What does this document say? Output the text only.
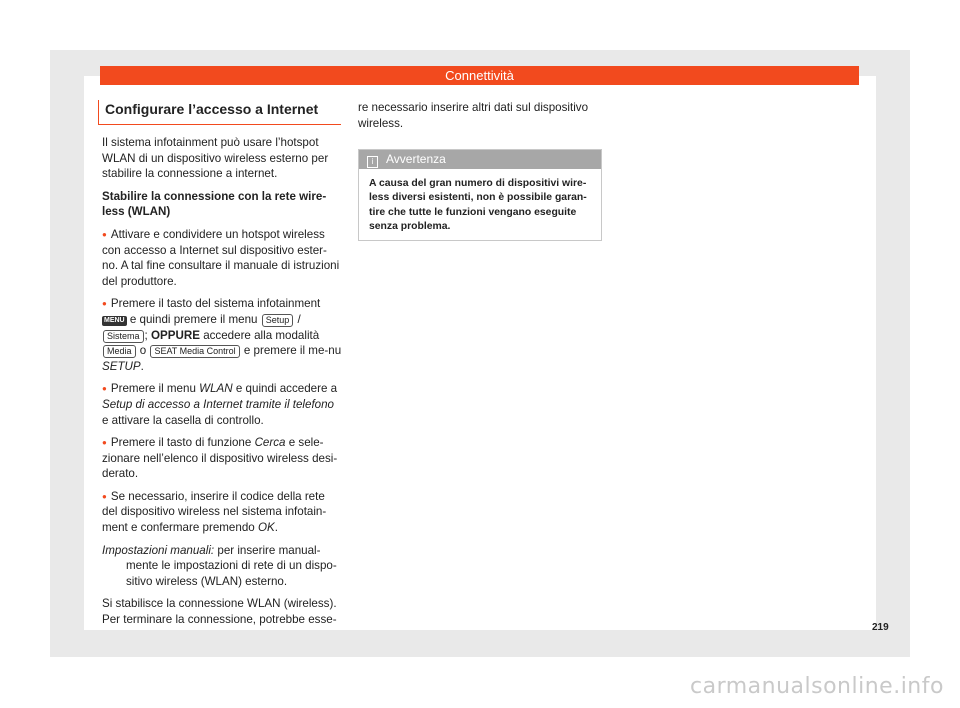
Connettività
Configurare l’accesso a Internet

Il sistema infotainment può usare l’hotspot WLAN di un dispositivo wireless esterno per stabilire la connessione a internet.

Stabilire la connessione con la rete wire-less (WLAN)

● Attivare e condividere un hotspot wireless con accesso a Internet sul dispositivo ester-no. A tal fine consultare il manuale di istruzioni del produttore.

● Premere il tasto del sistema infotainment
MENU e quindi premere il menu Setup /
Sistema ; OPPURE accedere alla modalità
Media o SEAT Media Control e premere il me-nu SETUP.

● Premere il menu WLAN e quindi accedere a Setup di accesso a Internet tramite il telefono e attivare la casella di controllo.

● Premere il tasto di funzione Cerca e sele-zionare nell’elenco il dispositivo wireless desi-derato.

● Se necessario, inserire il codice della rete del dispositivo wireless nel sistema infotain-ment e confermare premendo OK.

Impostazioni manuali: per inserire manual-mente le impostazioni di rete di un dispo-sitivo wireless (WLAN) esterno.

Si stabilisce la connessione WLAN (wireless). Per terminare la connessione, potrebbe esse-

re necessario inserire altri dati sul dispositivo wireless.

i Avvertenza
A causa del gran numero di dispositivi wire-less diversi esistenti, non è possibile garan-tire che tutte le funzioni vengano eseguite senza problema.
219
carmanualsonline.info
